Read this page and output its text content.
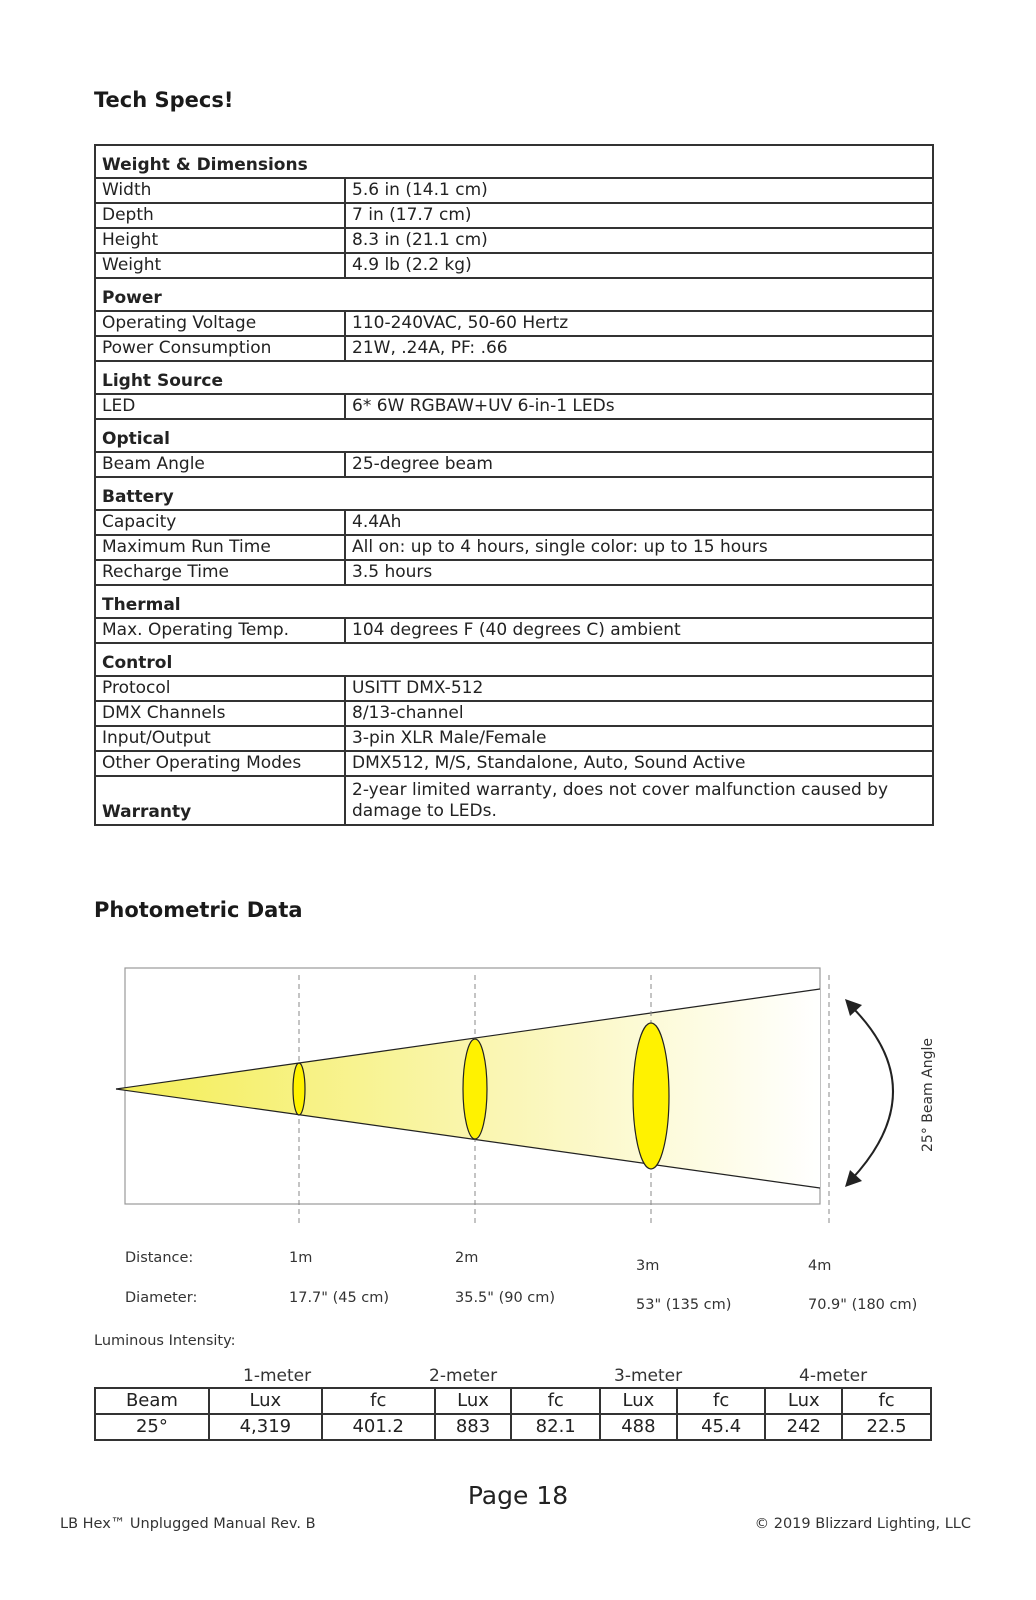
Tech Specs!
Weight & Dimensions	
Width	5.6 in (14.1 cm)
Depth	7 in (17.7 cm)
Height	8.3 in (21.1 cm)
Weight	4.9 lb (2.2 kg)
Power	
Operating Voltage	110-240VAC, 50-60 Hertz
Power Consumption	21W, .24A, PF: .66
Light Source	
LED	6* 6W RGBAW+UV 6-in-1 LEDs
Optical	
Beam Angle	25-degree beam
Battery	
Capacity	4.4Ah
Maximum Run Time	All on: up to 4 hours, single color: up to 15 hours
Recharge Time	3.5 hours
Thermal	
Max. Operating Temp.	104 degrees F (40 degrees C) ambient
Control	
Protocol	USITT DMX-512
DMX Channels	8/13-channel
Input/Output	3-pin XLR Male/Female
Other Operating Modes	DMX512, M/S, Standalone, Auto, Sound Active
Warranty	2-year limited warranty, does not cover malfunction caused by damage to LEDs.
Photometric Data
25° Beam Angle
Distance:	1m	2m	3m	4m
Diameter:	17.7" (45 cm)	35.5" (90 cm)	53" (135 cm)	70.9" (180 cm)
Luminous Intensity:
1-meter	2-meter	3-meter	4-meter
Beam	Lux	fc	Lux	fc	Lux	fc	Lux	fc
25°	4,319	401.2	883	82.1	488	45.4	242	22.5
Page 18
LB Hex™ Unplugged Manual Rev. B	© 2019 Blizzard Lighting, LLC
